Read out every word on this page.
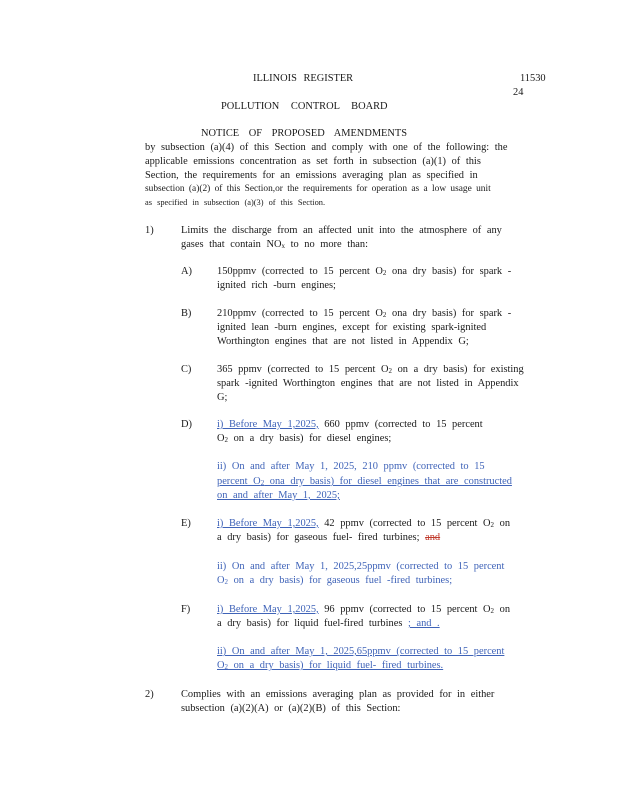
ILLINOIS REGISTER	11530
24
POLLUTION CONTROL BOARD
NOTICE OF PROPOSED AMENDMENTS
by subsection (a)(4) of this Section and comply with one of the following: the
applicable emissions concentration as set forth in subsection (a)(1) of this
Section, the requirements for an emissions averaging plan as specified in
subsection (a)(2) of this Section,or the requirements for operation as a low usage unit
as specified in subsection (a)(3) of this Section.
1)	Limits the discharge from an affected unit into the atmosphere of any
gases that contain $NO_x$ to no more than:
A) 150ppmv (corrected to 15 percent $O_2$ ona dry basis) for spark -
ignited rich -burn engines;
B) 210ppmv (corrected to 15 percent $O_2$ ona dry basis) for spark -
ignited lean -burn engines, except for existing spark-ignited
Worthington engines that are not listed in Appendix G;
C) 365 ppmv (corrected to 15 percent $O_2$ on a dry basis) for existing
spark -ignited Worthington engines that are not listed in Appendix
G;
D) i) Before May 1,2025, 660 ppmv (corrected to 15 percent
$O_2$ on a dry basis) for diesel engines;
ii) On and after May 1, 2025, 210 ppmv (corrected to 15
percent $O_2$ ona dry basis) for diesel engines that are constructed
on and after May 1, 2025;
E)	i) Before May 1,2025, 42 ppmv (corrected to 15 percent $O_2$ on
a dry basis) for gaseous fuel- fired turbines; and
ii) On and after May 1, 2025,25ppmv (corrected to 15 percent
$O_2$ on a dry basis) for gaseous fuel -fired turbines;
F)	i) Before May 1,2025, 96 ppmv (corrected to 15 percent $O_2$ on
a dry basis) for liquid fuel-fired turbines ; and .
ii) On and after May 1, 2025,65ppmv (corrected to 15 percent
$O_2$ on a dry basis) for liquid fuel- fired turbines.
2)	Complies with an emissions averaging plan as provided for in either
subsection (a)(2)(A) or (a)(2)(B) of this Section:
